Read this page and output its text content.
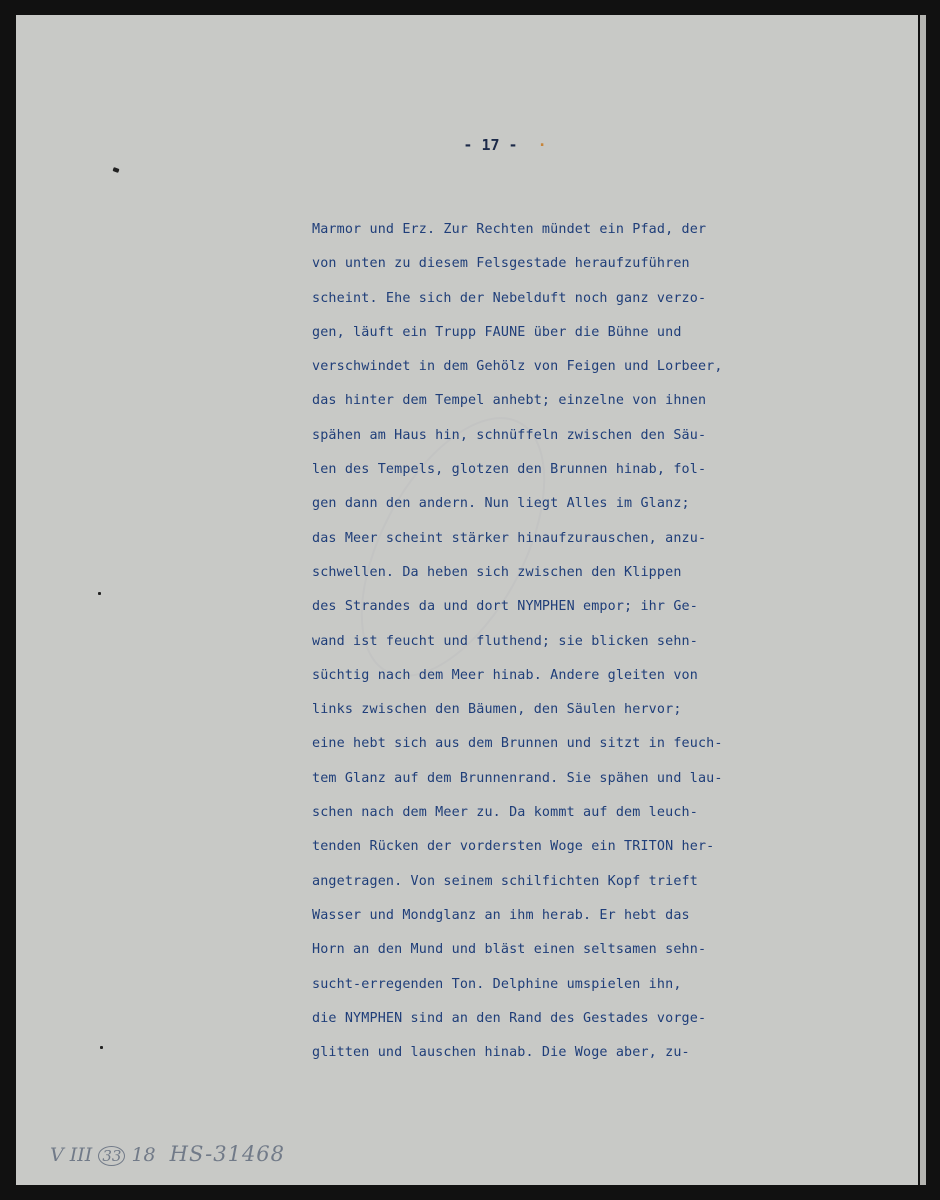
- 17 - ·
Marmor und Erz. Zur Rechten mündet ein Pfad, der
von unten zu diesem Felsgestade heraufzuführen
scheint. Ehe sich der Nebelduft noch ganz verzo-
gen, läuft ein Trupp FAUNE über die Bühne und
verschwindet in dem Gehölz von Feigen und Lorbeer,
das hinter dem Tempel anhebt; einzelne von ihnen
spähen am Haus hin, schnüffeln zwischen den Säu-
len des Tempels, glotzen den Brunnen hinab, fol-
gen dann den andern. Nun liegt Alles im Glanz;
das Meer scheint stärker hinaufzurauschen, anzu-
schwellen. Da heben sich zwischen den Klippen
des Strandes da und dort NYMPHEN empor; ihr Ge-
wand ist feucht und fluthend; sie blicken sehn-
süchtig nach dem Meer hinab. Andere gleiten von
links zwischen den Bäumen, den Säulen hervor;
eine hebt sich aus dem Brunnen und sitzt in feuch-
tem Glanz auf dem Brunnenrand. Sie spähen und lau-
schen nach dem Meer zu. Da kommt auf dem leuch-
tenden Rücken der vordersten Woge ein TRITON her-
angetragen. Von seinem schilfichten Kopf trieft
Wasser und Mondglanz an ihm herab. Er hebt das
Horn an den Mund und bläst einen seltsamen sehn-
sucht-erregenden Ton. Delphine umspielen ihn,
die NYMPHEN sind an den Rand des Gestades vorge-
glitten und lauschen hinab. Die Woge aber, zu-
V III 33 18 HS-31468
